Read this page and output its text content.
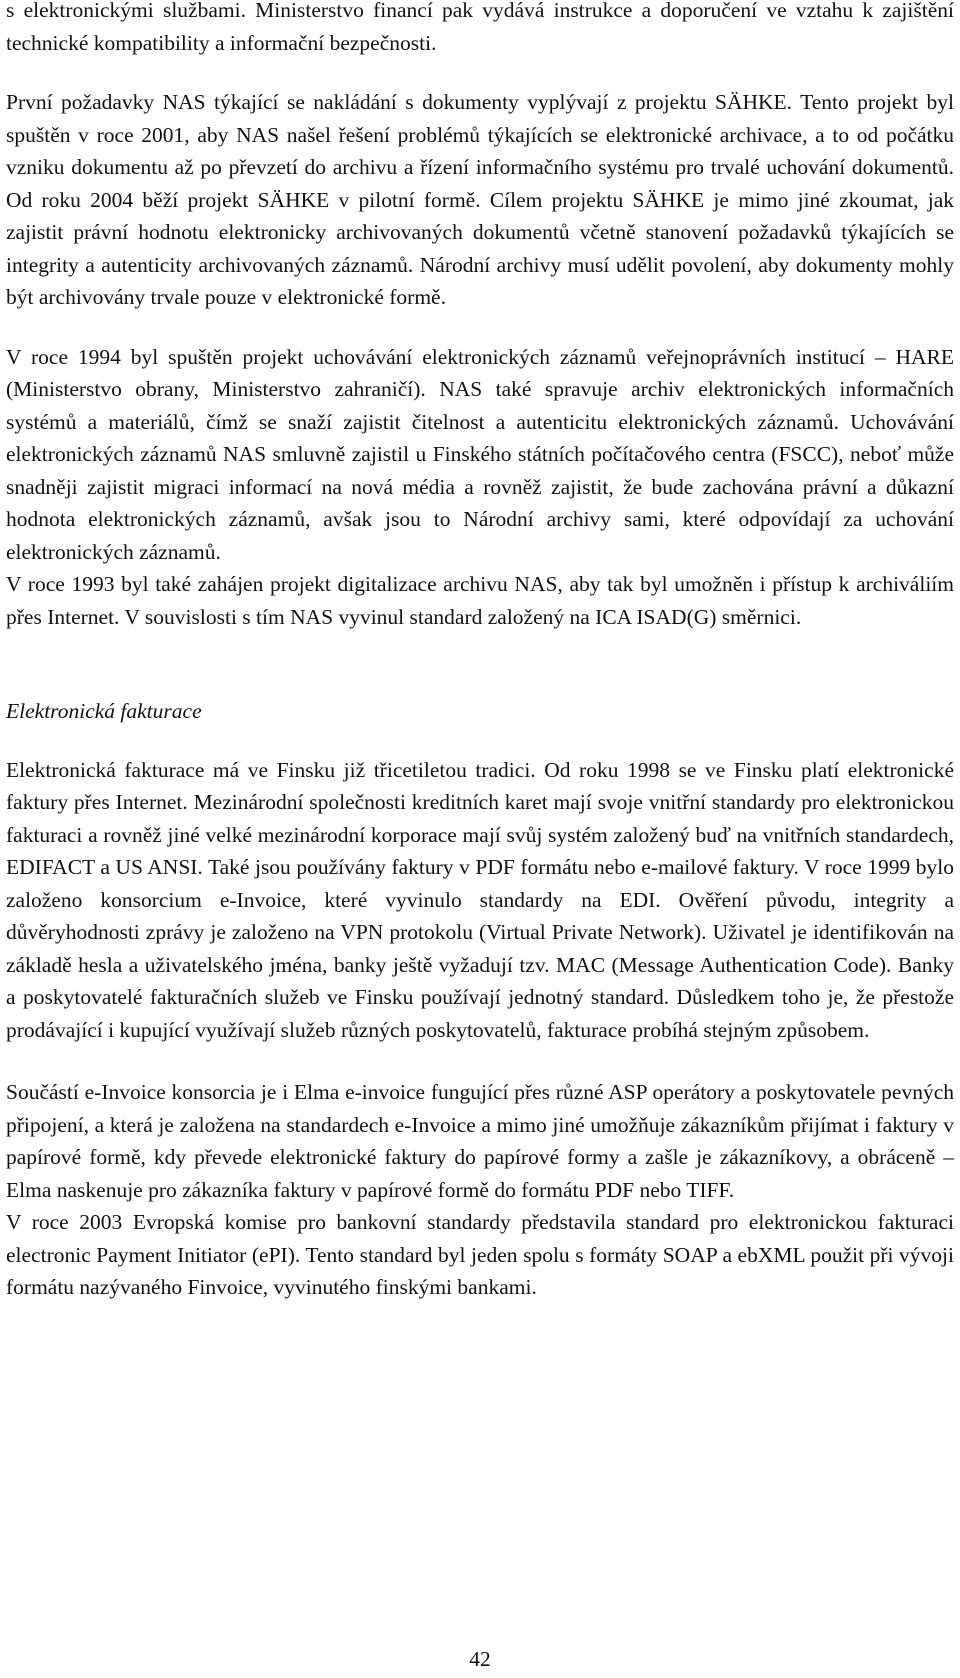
s elektronickými službami. Ministerstvo financí pak vydává instrukce a doporučení ve vztahu k zajištění technické kompatibility a informační bezpečnosti.

První požadavky NAS týkající se nakládání s dokumenty vyplývají z projektu SÄHKE. Tento projekt byl spuštěn v roce 2001, aby NAS našel řešení problémů týkajících se elektronické archivace, a to od počátku vzniku dokumentu až po převzetí do archivu a řízení informačního systému pro trvalé uchování dokumentů. Od roku 2004 běží projekt SÄHKE v pilotní formě. Cílem projektu SÄHKE je mimo jiné zkoumat, jak zajistit právní hodnotu elektronicky archivovaných dokumentů včetně stanovení požadavků týkajících se integrity a autenticity archivovaných záznamů. Národní archivy musí udělit povolení, aby dokumenty mohly být archivovány trvale pouze v elektronické formě.

V roce 1994 byl spuštěn projekt uchovávání elektronických záznamů veřejnoprávních institucí – HARE (Ministerstvo obrany, Ministerstvo zahraničí). NAS také spravuje archiv elektronických informačních systémů a materiálů, čímž se snaží zajistit čitelnost a autenticitu elektronických záznamů. Uchovávání elektronických záznamů NAS smluvně zajistil u Finského státních počítačového centra (FSCC), neboť může snadněji zajistit migraci informací na nová média a rovněž zajistit, že bude zachována právní a důkazní hodnota elektronických záznamů, avšak jsou to Národní archivy sami, které odpovídají za uchování elektronických záznamů.

V roce 1993 byl také zahájen projekt digitalizace archivu NAS, aby tak byl umožněn i přístup k archiváliím přes Internet. V souvislosti s tím NAS vyvinul standard založený na ICA ISAD(G) směrnici.

Elektronická fakturace

Elektronická fakturace má ve Finsku již třicetiletou tradici. Od roku 1998 se ve Finsku platí elektronické faktury přes Internet. Mezinárodní společnosti kreditních karet mají svoje vnitřní standardy pro elektronickou fakturaci a rovněž jiné velké mezinárodní korporace mají svůj systém založený buď na vnitřních standardech, EDIFACT a US ANSI. Také jsou používány faktury v PDF formátu nebo e-mailové faktury. V roce 1999 bylo založeno konsorcium e-Invoice, které vyvinulo standardy na EDI. Ověření původu, integrity a důvěryhodnosti zprávy je založeno na VPN protokolu (Virtual Private Network). Uživatel je identifikován na základě hesla a uživatelského jména, banky ještě vyžadují tzv. MAC (Message Authentication Code). Banky a poskytovatelé fakturačních služeb ve Finsku používají jednotný standard. Důsledkem toho je, že přestože prodávající i kupující využívají služeb různých poskytovatelů, fakturace probíhá stejným způsobem.

Součástí e-Invoice konsorcia je i Elma e-invoice fungující přes různé ASP operátory a poskytovatele pevných připojení, a která je založena na standardech e-Invoice a mimo jiné umožňuje zákazníkům přijímat i faktury v papírové formě, kdy převede elektronické faktury do papírové formy a zašle je zákazníkovy, a obráceně – Elma naskenuje pro zákazníka faktury v papírové formě do formátu PDF nebo TIFF.

V roce 2003 Evropská komise pro bankovní standardy představila standard pro elektronickou fakturaci electronic Payment Initiator (ePI). Tento standard byl jeden spolu s formáty SOAP a ebXML použit při vývoji formátu nazývaného Finvoice, vyvinutého finskými bankami.

42
